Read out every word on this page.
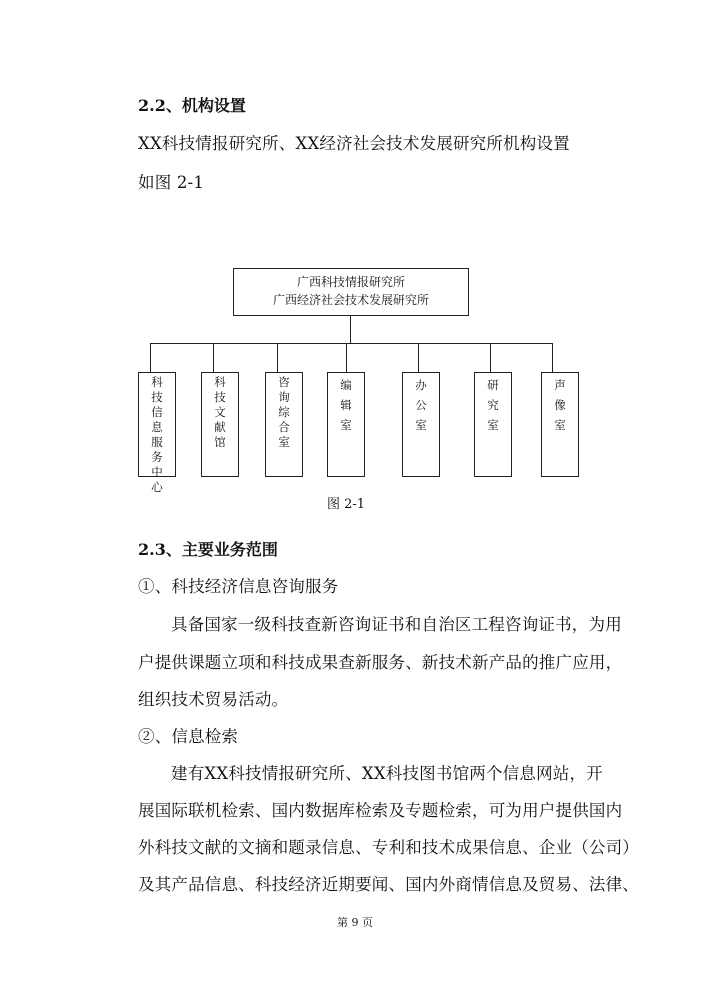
2.2、机构设置
XX科技情报研究所、XX经济社会技术发展研究所机构设置
如图 2-1
广西科技情报研究所
广西经济社会技术发展研究所
科技信息服务中心
科技文献馆
咨询综合室
编辑室
办公室
研究室
声像室
图 2-1
2.3、主要业务范围
①、科技经济信息咨询服务
具备国家一级科技查新咨询证书和自治区工程咨询证书，为用
户提供课题立项和科技成果查新服务、新技术新产品的推广应用，
组织技术贸易活动。
②、信息检索
建有XX科技情报研究所、XX科技图书馆两个信息网站，开
展国际联机检索、国内数据库检索及专题检索，可为用户提供国内
外科技文献的文摘和题录信息、专利和技术成果信息、企业（公司）
及其产品信息、科技经济近期要闻、国内外商情信息及贸易、法律、
第 9 页
